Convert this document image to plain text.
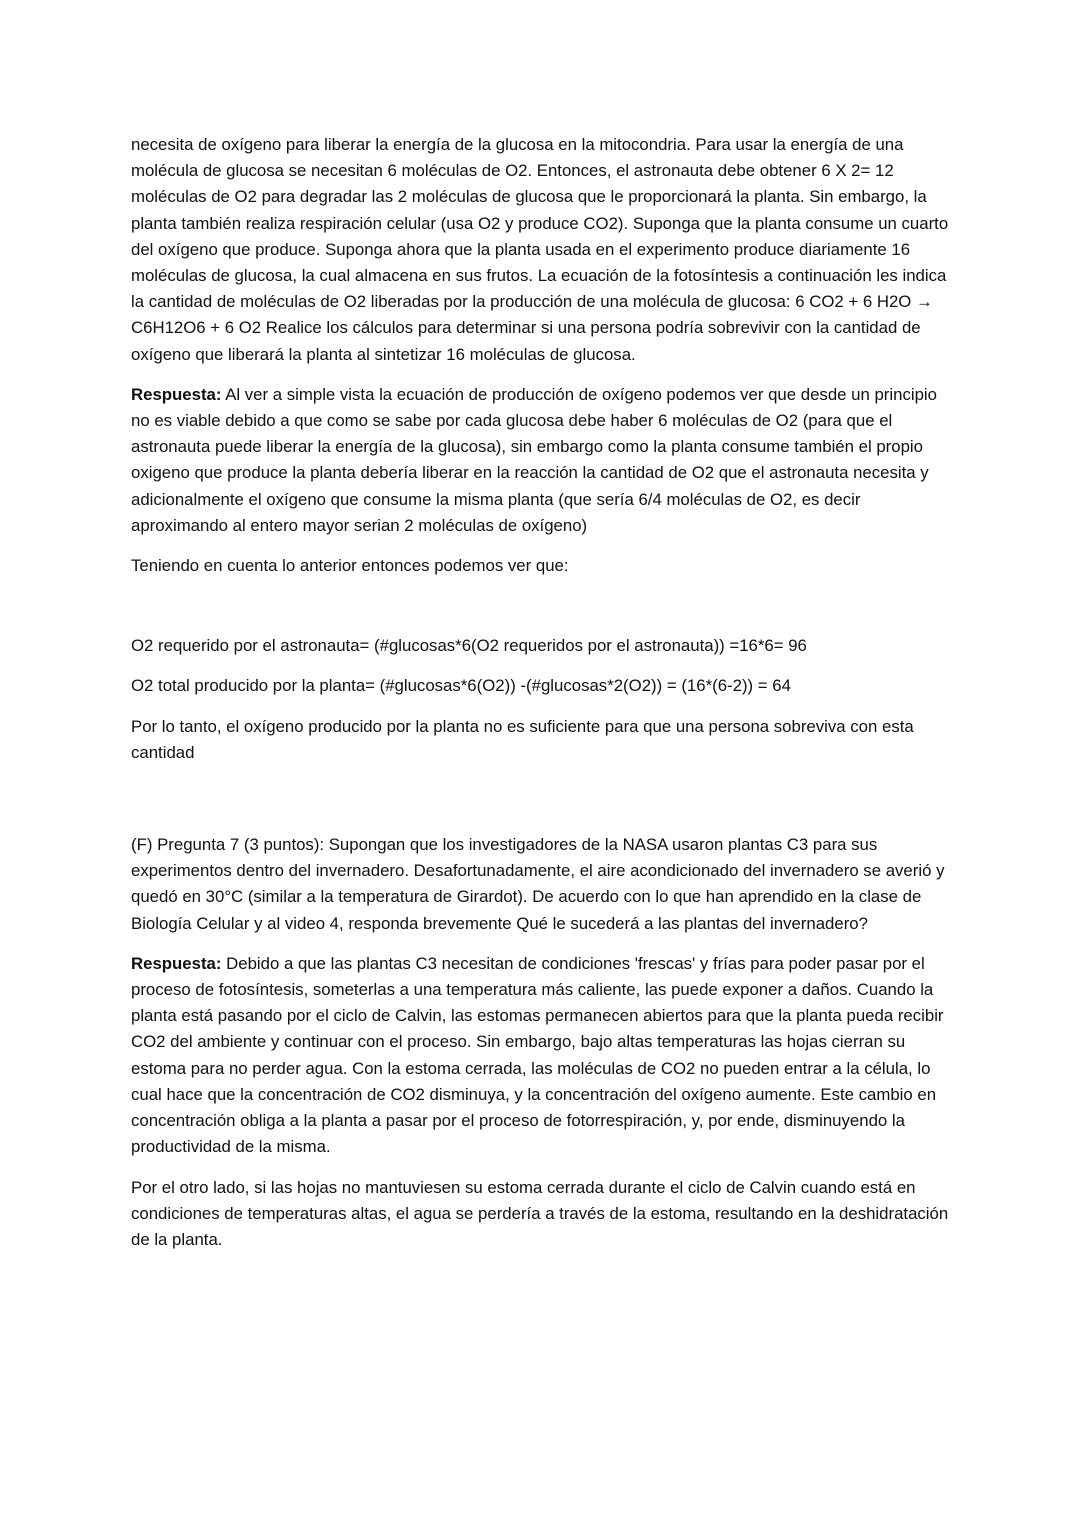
necesita de oxígeno para liberar la energía de la glucosa en la mitocondria. Para usar la energía de una molécula de glucosa se necesitan 6 moléculas de O2. Entonces, el astronauta debe obtener 6 X 2= 12 moléculas de O2 para degradar las 2 moléculas de glucosa que le proporcionará la planta. Sin embargo, la planta también realiza respiración celular (usa O2 y produce CO2). Suponga que la planta consume un cuarto del oxígeno que produce. Suponga ahora que la planta usada en el experimento produce diariamente 16 moléculas de glucosa, la cual almacena en sus frutos. La ecuación de la fotosíntesis a continuación les indica la cantidad de moléculas de O2 liberadas por la producción de una molécula de glucosa: 6 CO2 + 6 H2O → C6H12O6 + 6 O2 Realice los cálculos para determinar si una persona podría sobrevivir con la cantidad de oxígeno que liberará la planta al sintetizar 16 moléculas de glucosa.

Respuesta: Al ver a simple vista la ecuación de producción de oxígeno podemos ver que desde un principio no es viable debido a que como se sabe por cada glucosa debe haber 6 moléculas de O2 (para que el astronauta puede liberar la energía de la glucosa), sin embargo como la planta consume también el propio oxigeno que produce la planta debería liberar en la reacción la cantidad de O2 que el astronauta necesita y adicionalmente el oxígeno que consume la misma planta (que sería 6/4 moléculas de O2, es decir aproximando al entero mayor serian 2 moléculas de oxígeno)

Teniendo en cuenta lo anterior entonces podemos ver que:

O2 requerido por el astronauta= (#glucosas*6(O2 requeridos por el astronauta)) =16*6= 96

O2 total producido por la planta= (#glucosas*6(O2)) -(#glucosas*2(O2)) = (16*(6-2)) = 64

Por lo tanto, el oxígeno producido por la planta no es suficiente para que una persona sobreviva con esta cantidad

(F) Pregunta 7 (3 puntos): Supongan que los investigadores de la NASA usaron plantas C3 para sus experimentos dentro del invernadero. Desafortunadamente, el aire acondicionado del invernadero se averió y quedó en 30°C (similar a la temperatura de Girardot). De acuerdo con lo que han aprendido en la clase de Biología Celular y al video 4, responda brevemente Qué le sucederá a las plantas del invernadero?

Respuesta: Debido a que las plantas C3 necesitan de condiciones 'frescas' y frías para poder pasar por el proceso de fotosíntesis, someterlas a una temperatura más caliente, las puede exponer a daños. Cuando la planta está pasando por el ciclo de Calvin, las estomas permanecen abiertos para que la planta pueda recibir CO2 del ambiente y continuar con el proceso. Sin embargo, bajo altas temperaturas las hojas cierran su estoma para no perder agua. Con la estoma cerrada, las moléculas de CO2 no pueden entrar a la célula, lo cual hace que la concentración de CO2 disminuya, y la concentración del oxígeno aumente. Este cambio en concentración obliga a la planta a pasar por el proceso de fotorrespiración, y, por ende, disminuyendo la productividad de la misma.

Por el otro lado, si las hojas no mantuviesen su estoma cerrada durante el ciclo de Calvin cuando está en condiciones de temperaturas altas, el agua se perdería a través de la estoma, resultando en la deshidratación de la planta.
